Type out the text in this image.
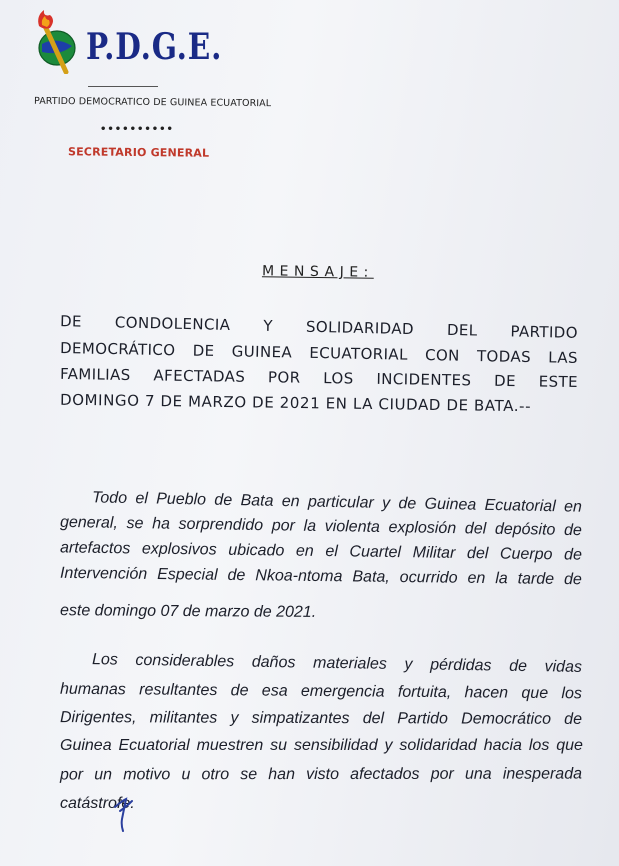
P.D.G.E.
PARTIDO DEMOCRATICO DE GUINEA ECUATORIAL
••••••••••
SECRETARIO GENERAL
MENSAJE:
DE CONDOLENCIA Y SOLIDARIDAD DEL PARTIDO
DEMOCRÁTICO DE GUINEA ECUATORIAL CON TODAS LAS
FAMILIAS AFECTADAS POR LOS INCIDENTES DE ESTE
DOMINGO 7 DE MARZO DE 2021 EN LA CIUDAD DE BATA.--
Todo el Pueblo de Bata en particular y de Guinea Ecuatorial en
general, se ha sorprendido por la violenta explosión del depósito de
artefactos explosivos ubicado en el Cuartel Militar del Cuerpo de
Intervención Especial de Nkoa-ntoma Bata, ocurrido en la tarde de
este domingo 07 de marzo de 2021.
Los considerables daños materiales y pérdidas de vidas
humanas resultantes de esa emergencia fortuita, hacen que los
Dirigentes, militantes y simpatizantes del Partido Democrático de
Guinea Ecuatorial muestren su sensibilidad y solidaridad hacia los que
por un motivo u otro se han visto afectados por una inesperada
catástrofe.
